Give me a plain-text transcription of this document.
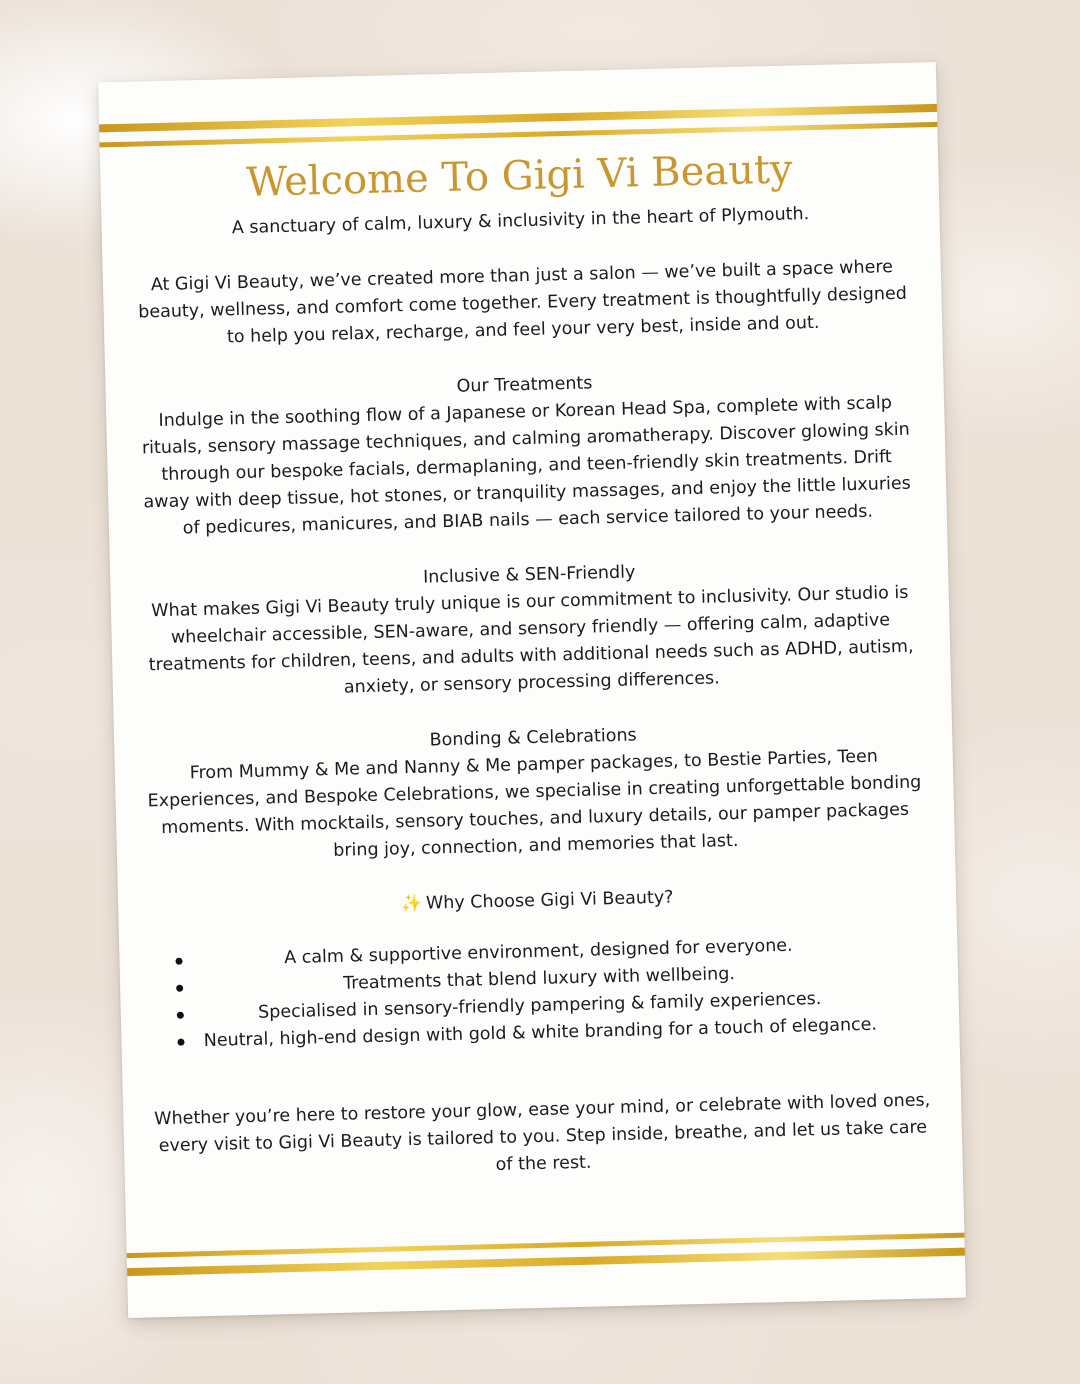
Welcome To Gigi Vi Beauty

A sanctuary of calm, luxury & inclusivity in the heart of Plymouth.

At Gigi Vi Beauty, we’ve created more than just a salon — we’ve built a space where beauty, wellness, and comfort come together. Every treatment is thoughtfully designed to help you relax, recharge, and feel your very best, inside and out.

Our Treatments

Indulge in the soothing flow of a Japanese or Korean Head Spa, complete with scalp rituals, sensory massage techniques, and calming aromatherapy. Discover glowing skin through our bespoke facials, dermaplaning, and teen-friendly skin treatments. Drift away with deep tissue, hot stones, or tranquility massages, and enjoy the little luxuries of pedicures, manicures, and BIAB nails — each service tailored to your needs.

Inclusive & SEN-Friendly

What makes Gigi Vi Beauty truly unique is our commitment to inclusivity. Our studio is wheelchair accessible, SEN-aware, and sensory friendly — offering calm, adaptive treatments for children, teens, and adults with additional needs such as ADHD, autism, anxiety, or sensory processing differences.

Bonding & Celebrations

From Mummy & Me and Nanny & Me pamper packages, to Bestie Parties, Teen Experiences, and Bespoke Celebrations, we specialise in creating unforgettable bonding moments. With mocktails, sensory touches, and luxury details, our pamper packages bring joy, connection, and memories that last.

✨ Why Choose Gigi Vi Beauty?

A calm & supportive environment, designed for everyone.
Treatments that blend luxury with wellbeing.
Specialised in sensory-friendly pampering & family experiences.
Neutral, high-end design with gold & white branding for a touch of elegance.

Whether you’re here to restore your glow, ease your mind, or celebrate with loved ones, every visit to Gigi Vi Beauty is tailored to you. Step inside, breathe, and let us take care of the rest.
